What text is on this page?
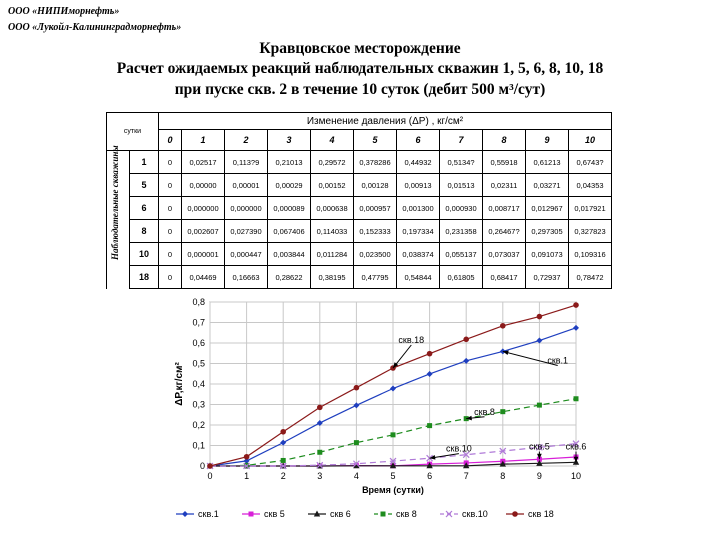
ООО «НИПИморнефть»
ООО «Лукойл-Калининградморнефть»
Кравцовское месторождение
Расчет ожидаемых реакций наблюдательных скважин 1, 5, 6, 8, 10, 18
при пуске скв. 2 в течение 10 суток (дебит 500 м³/сут)
Наблюдательные скважины
сутки		Изменение давления (ΔР) , кг/см²										
		0	1	2	3	4	5	6	7	8	9	10
	1	0	0,02517	0,113?9	0,21013	0,29572	0,378286	0,44932	0,5134?	0,55918	0,61213	0,6743?
	5	0	0,00000	0,00001	0,00029	0,00152	0,00128	0,00913	0,01513	0,02311	0,03271	0,04353
	6	0	0,000000	0,000000	0,000089	0,000638	0,000957	0,001300	0,000930	0,008717	0,012967	0,017921
	8	0	0,002607	0,027390	0,067406	0,114033	0,152333	0,197334	0,231358	0,26467?	0,297305	0,327823
	10	0	0,000001	0,000447	0,003844	0,011284	0,023500	0,038374	0,055137	0,073037	0,091073	0,109316
	18	0	0,04469	0,16663	0,28622	0,38195	0,47795	0,54844	0,61805	0,68417	0,72937	0,78472
0
0,1
0,2
0,3
0,4
0,5
0,6
0,7
0,8
0	1	2	3	4	5	6	7	8	9	10
Время (сутки)
ΔP,кг/см²
скв.18
скв.1
скв.8
скв.10	скв.5 скв.6
скв.1	скв 5	скв 6	скв 8	скв.10	скв 18
